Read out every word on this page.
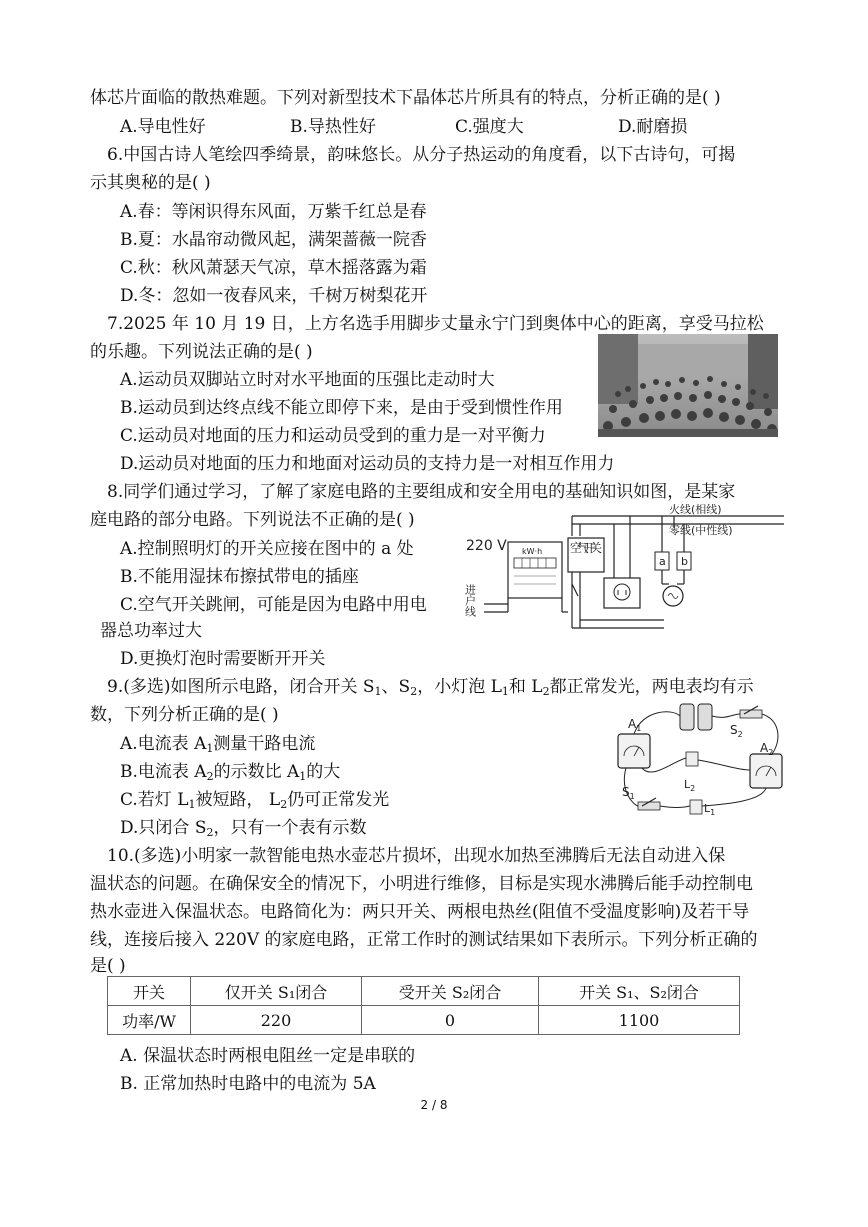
体芯片面临的散热难题。下列对新型技术下晶体芯片所具有的特点，分析正确的是( )
A.导电性好	B.导热性好	C.强度大	D.耐磨损
6.中国古诗人笔绘四季绮景，韵味悠长。从分子热运动的角度看，以下古诗句，可揭
示其奥秘的是( )
A.春：等闲识得东风面，万紫千红总是春
B.夏：水晶帘动微风起，满架蔷薇一院香
C.秋：秋风萧瑟天气凉，草木摇落露为霜
D.冬：忽如一夜春风来，千树万树梨花开
7.2025 年 10 月 19 日，上方名选手用脚步丈量永宁门到奥体中心的距离，享受马拉松
的乐趣。下列说法正确的是( )
A.运动员双脚站立时对水平地面的压强比走动时大
B.运动员到达终点线不能立即停下来，是由于受到惯性作用
C.运动员对地面的压力和运动员受到的重力是一对平衡力
D.运动员对地面的压力和地面对运动员的支持力是一对相互作用力
8.同学们通过学习，了解了家庭电路的主要组成和安全用电的基础知识如图，是某家
庭电路的部分电路。下列说法不正确的是( )
A.控制照明灯的开关应接在图中的 a 处
B.不能用湿抹布擦拭带电的插座
C.空气开关跳闸，可能是因为电路中用电
器总功率过大
D.更换灯泡时需要断开开关
火线(相线)
零线(中性线)
220 V kW·h
进户线
空气开关
a b
9.(多选)如图所示电路，闭合开关 $S_1$、$S_2$，小灯泡 $L_1$和 $L_2$都正常发光，两电表均有示
数，下列分析正确的是( )
A.电流表 $A_1$测量干路电流
B.电流表 $A_2$的示数比 $A_1$的大
C.若灯 $L_1$被短路， $L_2$仍可正常发光
D.只闭合 $S_2$，只有一个表有示数
$A_1$
$A_2$
$S_2$
$S_1$
$L_2$
$L_1$
10.(多选)小明家一款智能电热水壶芯片损坏，出现水加热至沸腾后无法自动进入保
温状态的问题。在确保安全的情况下，小明进行维修，目标是实现水沸腾后能手动控制电
热水壶进入保温状态。电路简化为：两只开关、两根电热丝(阻值不受温度影响)及若干导
线，连接后接入 220V 的家庭电路，正常工作时的测试结果如下表所示。下列分析正确的
是( )
开关	仅开关 S₁闭合	受开关 S₂闭合	开关 S₁、S₂闭合
功率/W	220	0	1100
A. 保温状态时两根电阻丝一定是串联的
B. 正常加热时电路中的电流为 5A
2 / 8
